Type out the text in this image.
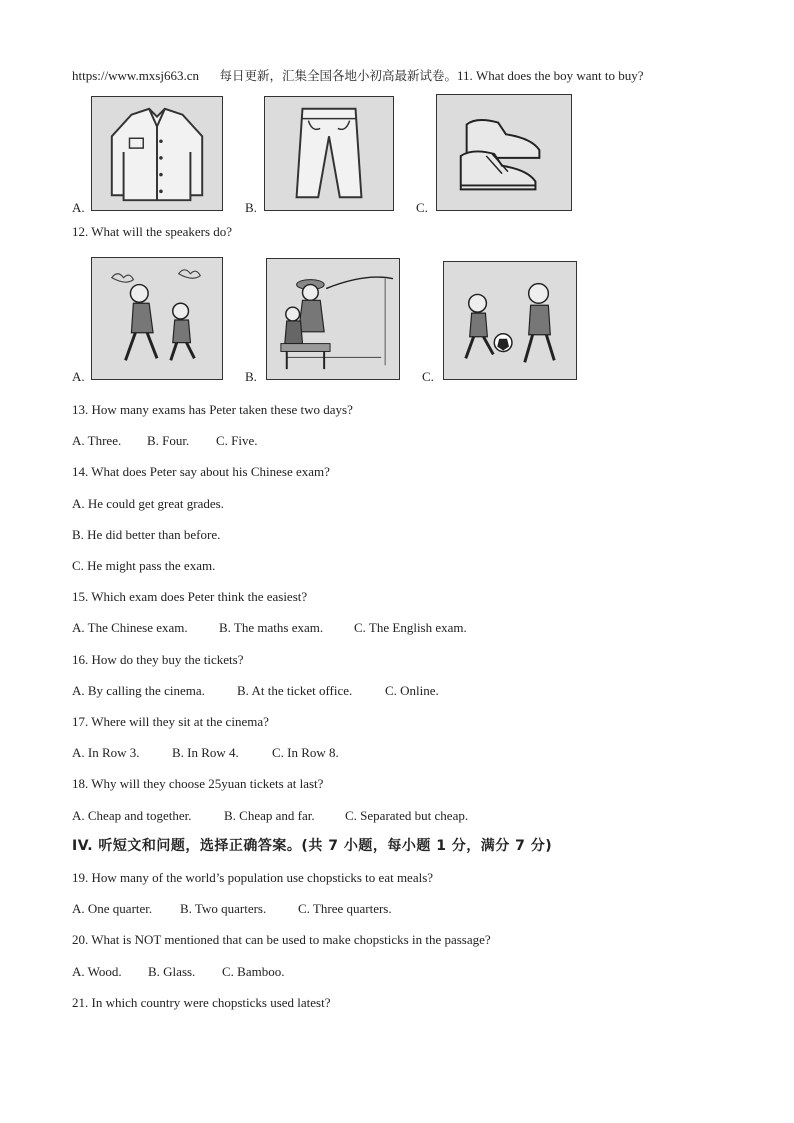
https://www.mxsj663.cn 每日更新，汇集全国各地小初高最新试卷。11. What does the boy want to buy?
A.	B.	C.
12. What will the speakers do?
A.	B.	C.
13. How many exams has Peter taken these two days?
A. Three. B. Four. C. Five.
14. What does Peter say about his Chinese exam?
A. He could get great grades.
B. He did better than before.
C. He might pass the exam.
15. Which exam does Peter think the easiest?
A. The Chinese exam. B. The maths exam. C. The English exam.
16. How do they buy the tickets?
A. By calling the cinema. B. At the ticket office.	C. Online.
17. Where will they sit at the cinema?
A. In Row 3. B. In Row 4.	C. In Row 8.
18. Why will they choose 25yuan tickets at last?
A. Cheap and together.	B. Cheap and far. C. Separated but cheap.
IV. 听短文和问题，选择正确答案。(共 7 小题，每小题 1 分，满分 7 分)
19. How many of the world’s population use chopsticks to eat meals?
A. One quarter. B. Two quarters. C. Three quarters.
20. What is NOT mentioned that can be used to make chopsticks in the passage?
A. Wood. B. Glass. C. Bamboo.
21. In which country were chopsticks used latest?
